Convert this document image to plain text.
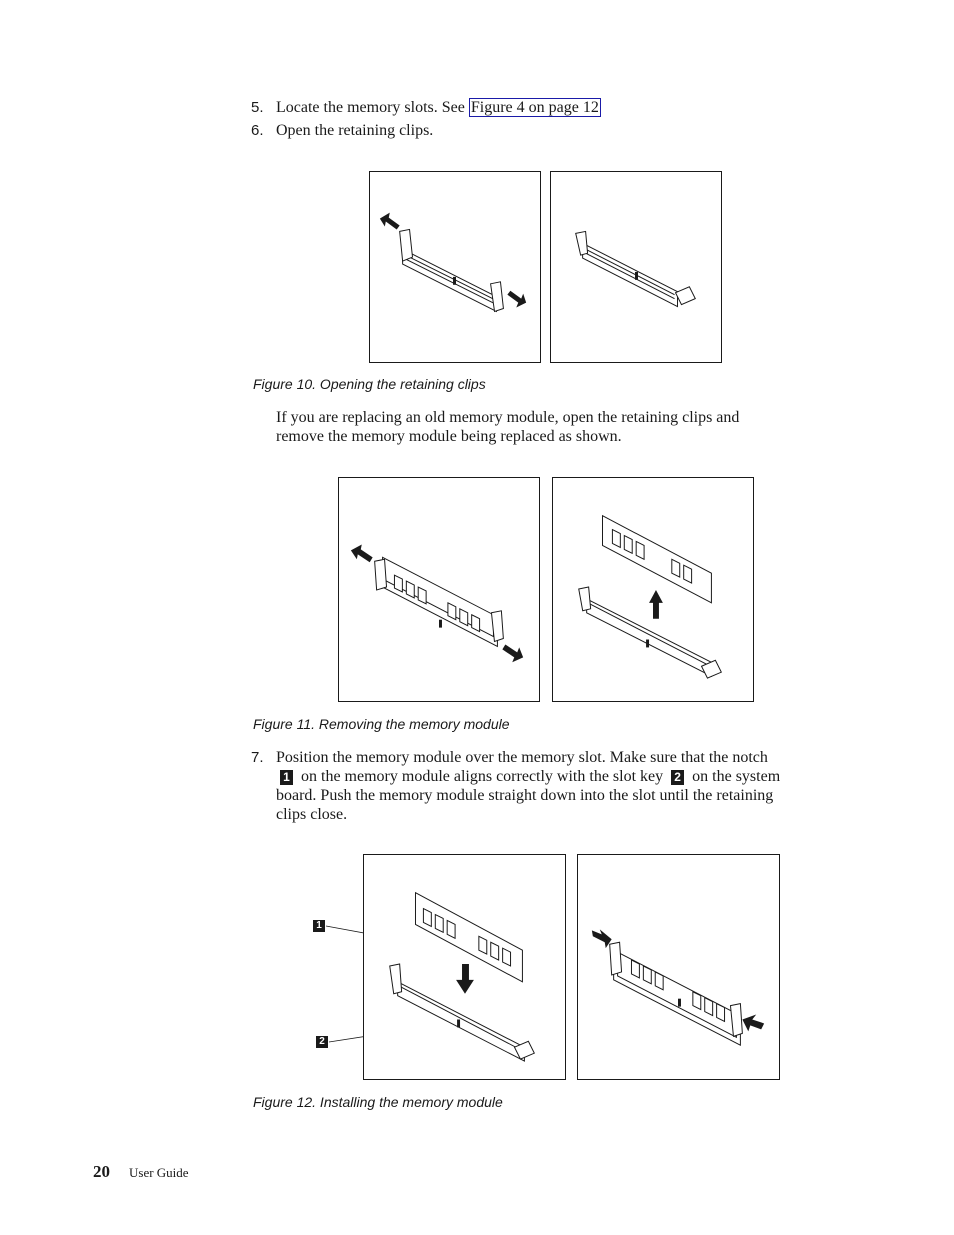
5. Locate the memory slots. See Figure 4 on page 12
6. Open the retaining clips.
Figure 10. Opening the retaining clips
If you are replacing an old memory module, open the retaining clips and
remove the memory module being replaced as shown.
Figure 11. Removing the memory module
7. Position the memory module over the memory slot. Make sure that the notch
1 on the memory module aligns correctly with the slot key 2 on the system
board. Push the memory module straight down into the slot until the retaining
clips close.
1
2
Figure 12. Installing the memory module
20 User Guide
